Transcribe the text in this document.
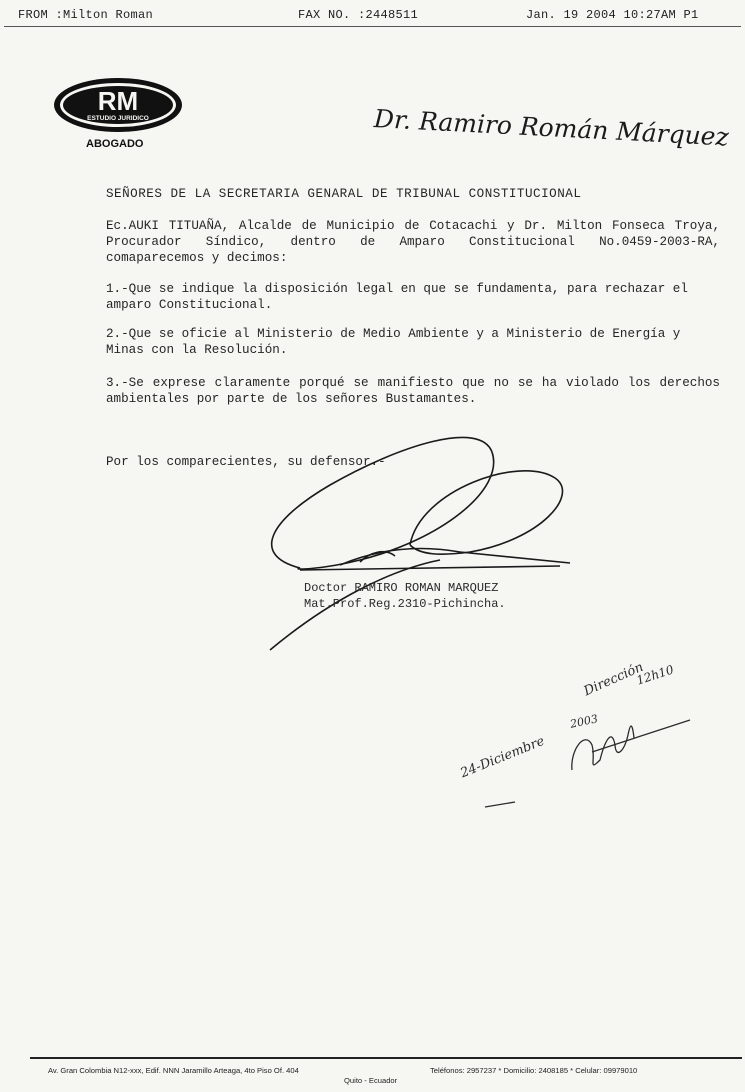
FROM :Milton Roman	FAX NO. :2448511	Jan. 19 2004 10:27AM P1
RM
ESTUDIO JURIDICO
ABOGADO	Dr. Ramiro Román Márquez
SEÑORES DE LA SECRETARIA GENARAL DE TRIBUNAL CONSTITUCIONAL
Ec.AUKI TITUAÑA, Alcalde de Municipio de Cotacachi y Dr. Milton Fonseca Troya, Procurador Síndico, dentro de Amparo Constitucional No.0459-2003-RA, comaparecemos y decimos:
1.-Que se indique la disposición legal en que se fundamenta, para rechazar el amparo Constitucional.
2.-Que se oficie al Ministerio de Medio Ambiente y a Ministerio de Energía y Minas con la Resolución.
3.-Se exprese claramente porqué se manifiesto que no se ha violado los derechos ambientales por parte de los señores Bustamantes.
Por los comparecientes, su defensor.-
Doctor RAMIRO ROMAN MARQUEZ
Mat.Prof.Reg.2310-Pichincha.
Dirección
12h10
2003
24-Diciembre
Av. Gran Colombia N12-xxx, Edif. NNN Jaramillo Arteaga, 4to Piso Of. 404	Teléfonos: 2957237 * Domicilio: 2408185 * Celular: 09979010
Quito - Ecuador
